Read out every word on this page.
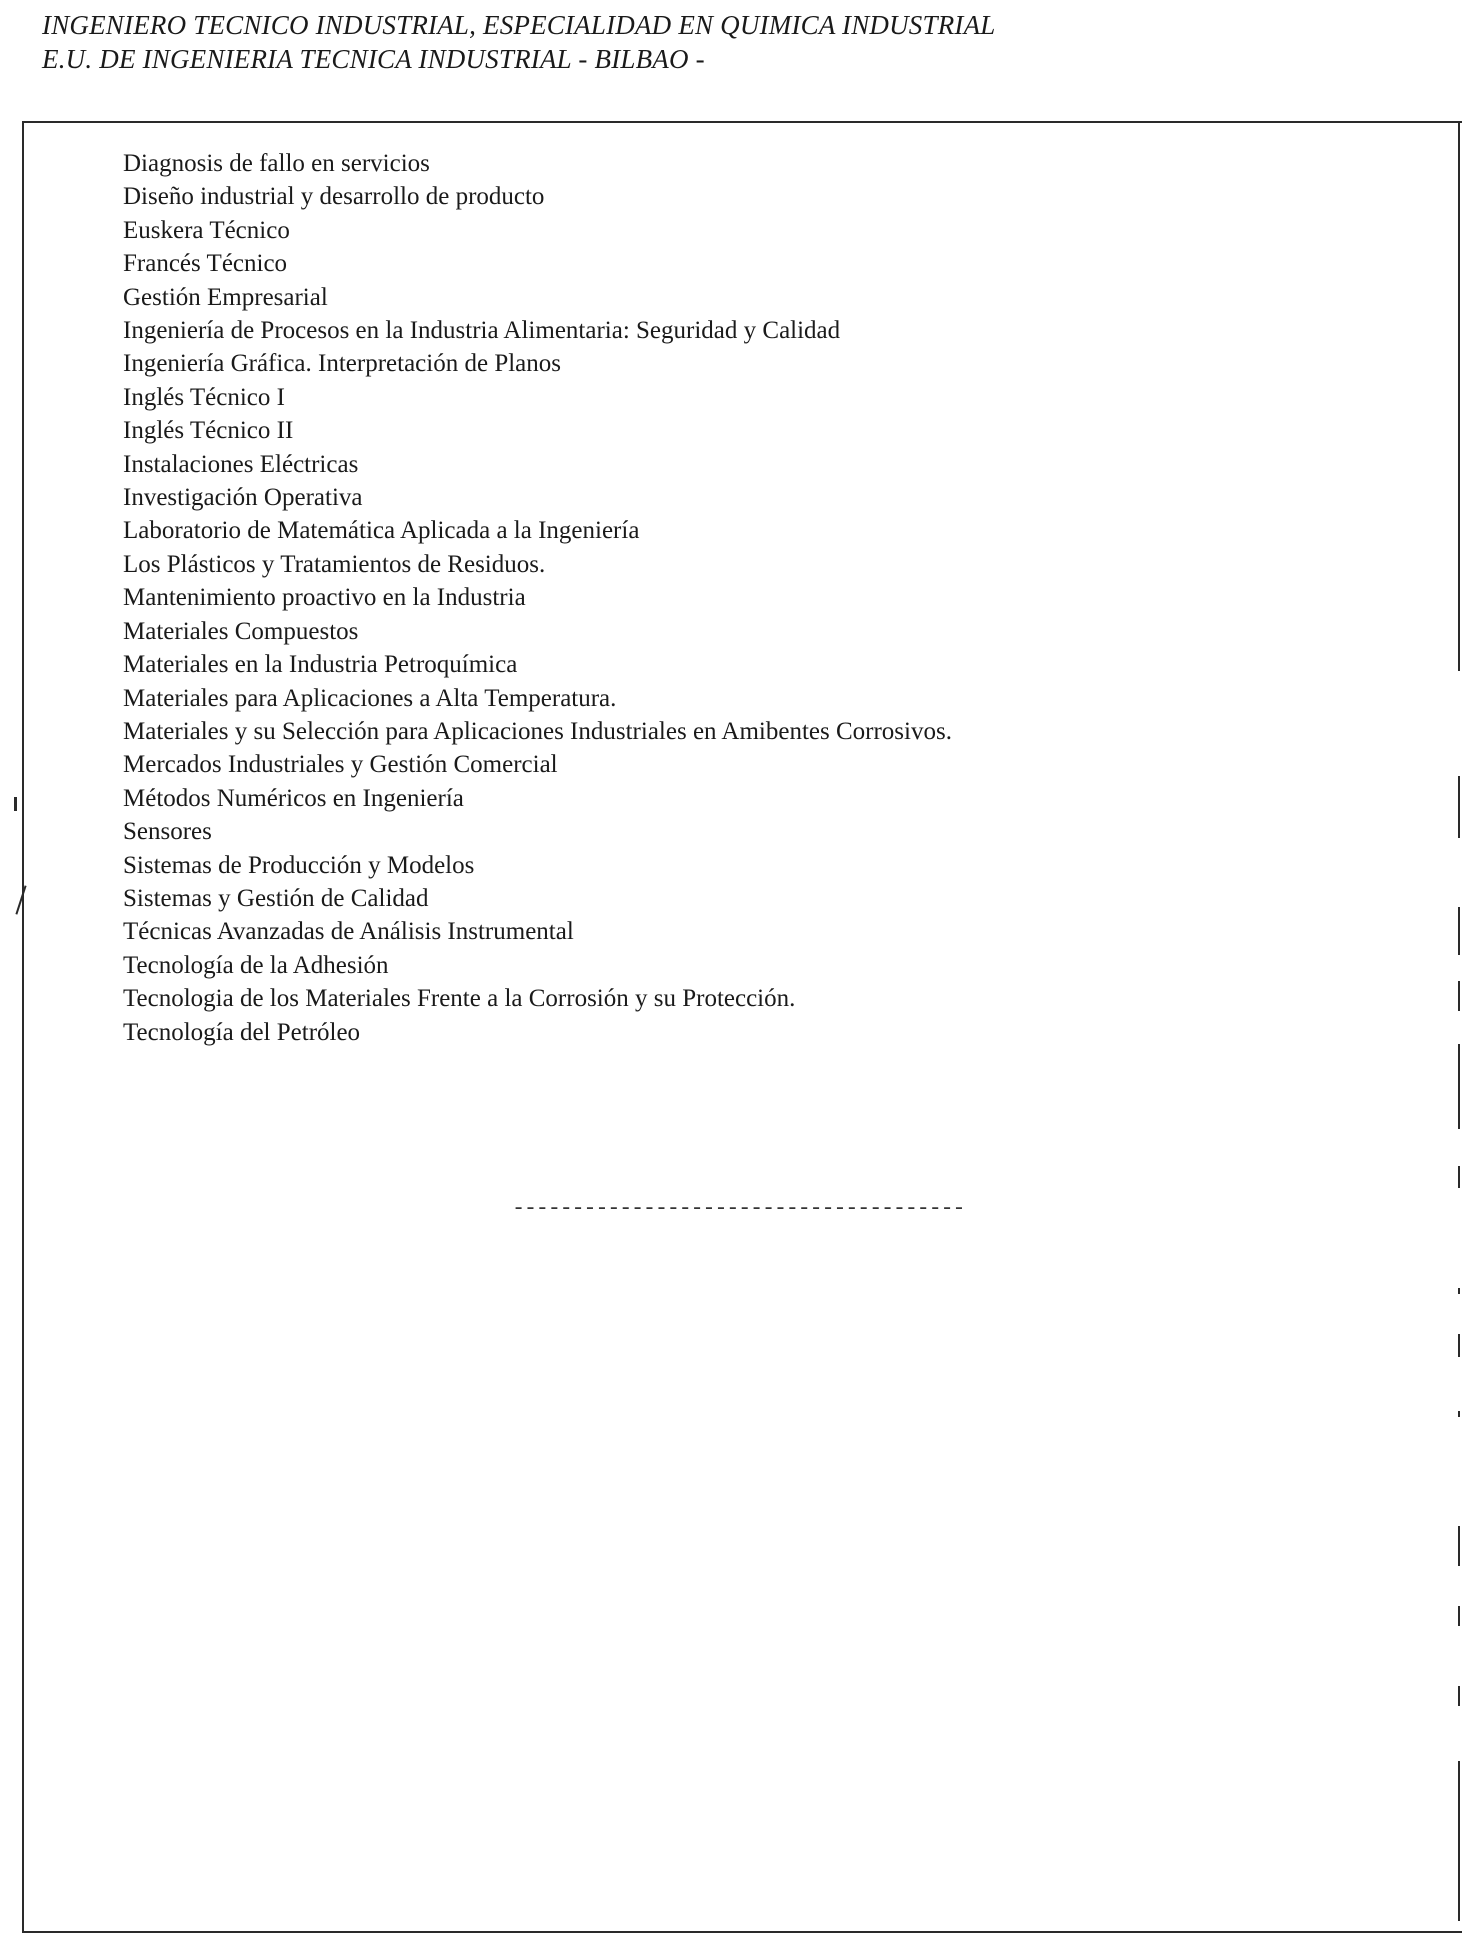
INGENIERO TECNICO INDUSTRIAL, ESPECIALIDAD EN QUIMICA INDUSTRIAL
E.U. DE INGENIERIA TECNICA INDUSTRIAL - BILBAO -
Diagnosis de fallo en servicios
Diseño industrial y desarrollo de producto
Euskera Técnico
Francés Técnico
Gestión Empresarial
Ingeniería de Procesos en la Industria Alimentaria: Seguridad y Calidad
Ingeniería Gráfica. Interpretación de Planos
Inglés Técnico I
Inglés Técnico II
Instalaciones Eléctricas
Investigación Operativa
Laboratorio de Matemática Aplicada a la Ingeniería
Los Plásticos y Tratamientos de Residuos.
Mantenimiento proactivo en la Industria
Materiales Compuestos
Materiales en la Industria Petroquímica
Materiales para Aplicaciones a Alta Temperatura.
Materiales y su Selección para Aplicaciones Industriales en Amibentes Corrosivos.
Mercados Industriales y Gestión Comercial
Métodos Numéricos en Ingeniería
Sensores
Sistemas de Producción y Modelos
Sistemas y Gestión de Calidad
Técnicas Avanzadas de Análisis Instrumental
Tecnología de la Adhesión
Tecnologia de los Materiales Frente a la Corrosión y su Protección.
Tecnología del Petróleo
--------------------------------------
